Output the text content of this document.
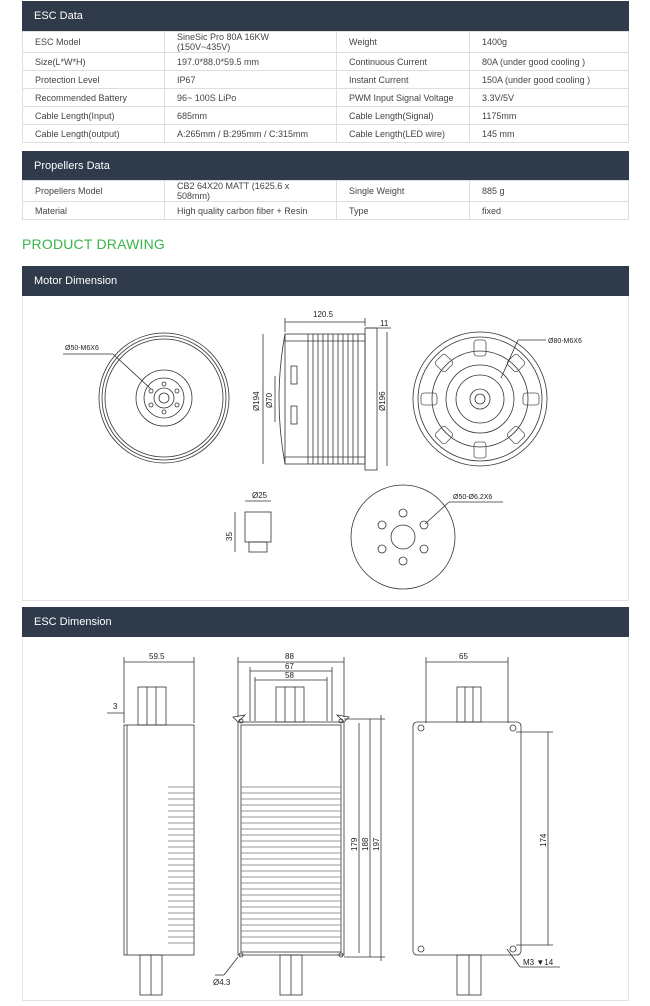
ESC Data
ESC Model	SineSic Pro 80A 16KW (150V~435V)	Weight	1400g
Size(L*W*H)	197.0*88.0*59.5 mm	Continuous Current	80A (under good cooling )
Protection Level	IP67	Instant Current	150A (under good cooling )
Recommended Battery	96~ 100S LiPo	PWM Input Signal Voltage	3.3V/5V
Cable Length(Input)	685mm	Cable Length(Signal)	1175mm
Cable Length(output)	A:265mm / B:295mm / C:315mm	Cable Length(LED wire)	145 mm
Propellers Data
Propellers Model	CB2 64X20 MATT (1625.6 x 508mm)	Single Weight	885 g
Material	High quality carbon fiber + Resin	Type	fixed
PRODUCT DRAWING
Motor Dimension
Ø50-M6X6
120.5
11
Ø194 Ø70	Ø196
Ø80-M6X6
Ø25
35
Ø50-Ø6.2X6
ESC Dimension
59.5
3
88
67
58
179 188 197
Ø4.3
65
174
M3 ▼14
